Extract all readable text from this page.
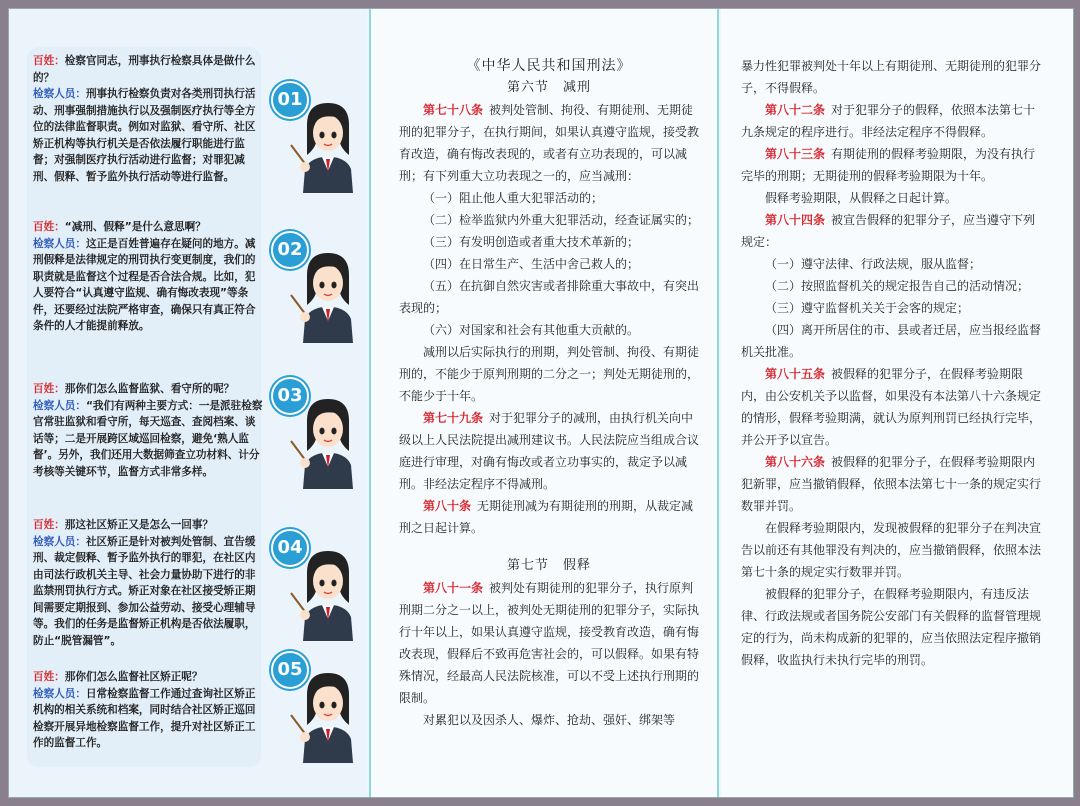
百姓：检察官同志，刑事执行检察具体是做什么的？

检察人员：刑事执行检察负责对各类刑罚执行活动、刑事强制措施执行以及强制医疗执行等全方位的法律监督职责。例如对监狱、看守所、社区矫正机构等执行机关是否依法履行职能进行监督；对强制医疗执行活动进行监督；对罪犯减刑、假释、暂予监外执行活动等进行监督。

01

百姓：“减刑、假释”是什么意思啊？

检察人员：这正是百姓普遍存在疑问的地方。减刑假释是法律规定的刑罚执行变更制度，我们的职责就是监督这个过程是否合法合规。比如，犯人要符合“认真遵守监规、确有悔改表现”等条件，还要经过法院严格审查，确保只有真正符合条件的人才能提前释放。

02

百姓：那你们怎么监督监狱、看守所的呢？

检察人员：“我们有两种主要方式：一是派驻检察官常驻监狱和看守所，每天巡查、查阅档案、谈话等；二是开展跨区域巡回检察，避免‘熟人监督’。另外，我们还用大数据筛查立功材料、计分考核等关键环节，监督方式非常多样。

03

百姓：那这社区矫正又是怎么一回事？

检察人员：社区矫正是针对被判处管制、宣告缓刑、裁定假释、暂予监外执行的罪犯，在社区内由司法行政机关主导、社会力量协助下进行的非监禁刑罚执行方式。矫正对象在社区接受矫正期间需要定期报到、参加公益劳动、接受心理辅导等。我们的任务是监督矫正机构是否依法履职，防止“脱管漏管”。

04

百姓：那你们怎么监督社区矫正呢？

检察人员：日常检察监督工作通过查询社区矫正机构的相关系统和档案，同时结合社区矫正巡回检察开展异地检察监督工作，提升对社区矫正工作的监督工作。

05

《中华人民共和国刑法》

第六节　减刑

第七十八条 被判处管制、拘役、有期徒刑、无期徒刑的犯罪分子，在执行期间，如果认真遵守监规，接受教育改造，确有悔改表现的，或者有立功表现的，可以减刑；有下列重大立功表现之一的，应当减刑：

（一）阻止他人重大犯罪活动的；

（二）检举监狱内外重大犯罪活动，经查证属实的；

（三）有发明创造或者重大技术革新的；

（四）在日常生产、生活中舍己救人的；

（五）在抗御自然灾害或者排除重大事故中，有突出表现的；

（六）对国家和社会有其他重大贡献的。

减刑以后实际执行的刑期，判处管制、拘役、有期徒刑的，不能少于原判刑期的二分之一；判处无期徒刑的，不能少于十年。

第七十九条 对于犯罪分子的减刑，由执行机关向中级以上人民法院提出减刑建议书。人民法院应当组成合议庭进行审理，对确有悔改或者立功事实的，裁定予以减刑。非经法定程序不得减刑。

第八十条 无期徒刑减为有期徒刑的刑期，从裁定减刑之日起计算。

第七节　假释

第八十一条 被判处有期徒刑的犯罪分子，执行原判刑期二分之一以上，被判处无期徒刑的犯罪分子，实际执行十年以上，如果认真遵守监规，接受教育改造，确有悔改表现，假释后不致再危害社会的，可以假释。如果有特殊情况，经最高人民法院核准，可以不受上述执行刑期的限制。

对累犯以及因杀人、爆炸、抢劫、强奸、绑架等

暴力性犯罪被判处十年以上有期徒刑、无期徒刑的犯罪分子，不得假释。

第八十二条 对于犯罪分子的假释，依照本法第七十九条规定的程序进行。非经法定程序不得假释。

第八十三条 有期徒刑的假释考验期限，为没有执行完毕的刑期；无期徒刑的假释考验期限为十年。

假释考验期限，从假释之日起计算。

第八十四条 被宣告假释的犯罪分子，应当遵守下列规定：

（一）遵守法律、行政法规，服从监督；

（二）按照监督机关的规定报告自己的活动情况；

（三）遵守监督机关关于会客的规定；

（四）离开所居住的市、县或者迁居，应当报经监督机关批准。

第八十五条 被假释的犯罪分子，在假释考验期限内，由公安机关予以监督，如果没有本法第八十六条规定的情形，假释考验期满，就认为原判刑罚已经执行完毕，并公开予以宣告。

第八十六条 被假释的犯罪分子，在假释考验期限内犯新罪，应当撤销假释，依照本法第七十一条的规定实行数罪并罚。

在假释考验期限内，发现被假释的犯罪分子在判决宣告以前还有其他罪没有判决的，应当撤销假释，依照本法第七十条的规定实行数罪并罚。

被假释的犯罪分子，在假释考验期限内，有违反法律、行政法规或者国务院公安部门有关假释的监督管理规定的行为，尚未构成新的犯罪的，应当依照法定程序撤销假释，收监执行未执行完毕的刑罚。
